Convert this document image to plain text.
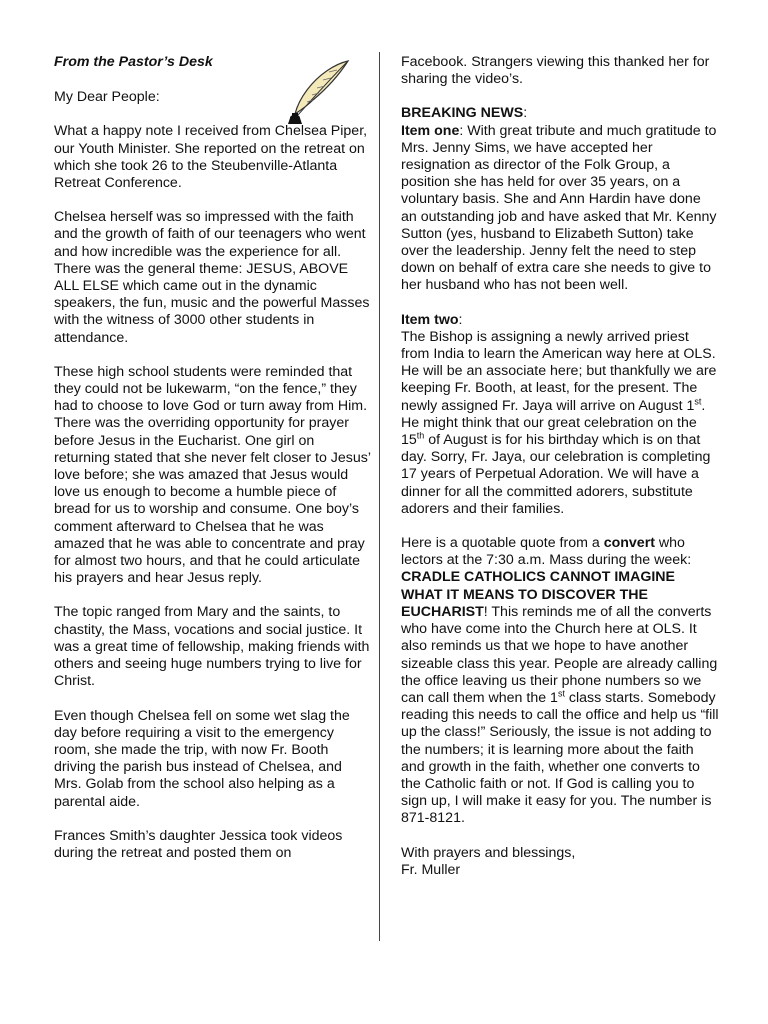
From the Pastor’s Desk

My Dear People:

What a happy note I received from Chelsea Piper, our Youth Minister. She reported on the retreat on which she took 26 to the Steubenville-Atlanta Retreat Conference.

Chelsea herself was so impressed with the faith and the growth of faith of our teenagers who went and how incredible was the experience for all. There was the general theme: JESUS, ABOVE ALL ELSE which came out in the dynamic speakers, the fun, music and the powerful Masses with the witness of 3000 other students in attendance.

These high school students were reminded that they could not be lukewarm, “on the fence,” they had to choose to love God or turn away from Him. There was the overriding opportunity for prayer before Jesus in the Eucharist. One girl on returning stated that she never felt closer to Jesus’ love before; she was amazed that Jesus would love us enough to become a humble piece of bread for us to worship and consume. One boy’s comment afterward to Chelsea that he was amazed that he was able to concentrate and pray for almost two hours, and that he could articulate his prayers and hear Jesus reply.

The topic ranged from Mary and the saints, to chastity, the Mass, vocations and social justice. It was a great time of fellowship, making friends with others and seeing huge numbers trying to live for Christ.

Even though Chelsea fell on some wet slag the day before requiring a visit to the emergency room, she made the trip, with now Fr. Booth driving the parish bus instead of Chelsea, and Mrs. Golab from the school also helping as a parental aide.

Frances Smith’s daughter Jessica took videos during the retreat and posted them on

Facebook. Strangers viewing this thanked her for sharing the video’s.

BREAKING NEWS:

Item one: With great tribute and much gratitude to Mrs. Jenny Sims, we have accepted her resignation as director of the Folk Group, a position she has held for over 35 years, on a voluntary basis. She and Ann Hardin have done an outstanding job and have asked that Mr. Kenny Sutton (yes, husband to Elizabeth Sutton) take over the leadership. Jenny felt the need to step down on behalf of extra care she needs to give to her husband who has not been well.

Item two:

The Bishop is assigning a newly arrived priest from India to learn the American way here at OLS. He will be an associate here; but thankfully we are keeping Fr. Booth, at least, for the present. The newly assigned Fr. Jaya will arrive on August 1st. He might think that our great celebration on the 15th of August is for his birthday which is on that day. Sorry, Fr. Jaya, our celebration is completing 17 years of Perpetual Adoration. We will have a dinner for all the committed adorers, substitute adorers and their families.

Here is a quotable quote from a convert who lectors at the 7:30 a.m. Mass during the week: CRADLE CATHOLICS CANNOT IMAGINE WHAT IT MEANS TO DISCOVER THE EUCHARIST! This reminds me of all the converts who have come into the Church here at OLS. It also reminds us that we hope to have another sizeable class this year. People are already calling the office leaving us their phone numbers so we can call them when the 1st class starts. Somebody reading this needs to call the office and help us “fill up the class!” Seriously, the issue is not adding to the numbers; it is learning more about the faith and growth in the faith, whether one converts to the Catholic faith or not. If God is calling you to sign up, I will make it easy for you. The number is 871-8121.

With prayers and blessings,
Fr. Muller
